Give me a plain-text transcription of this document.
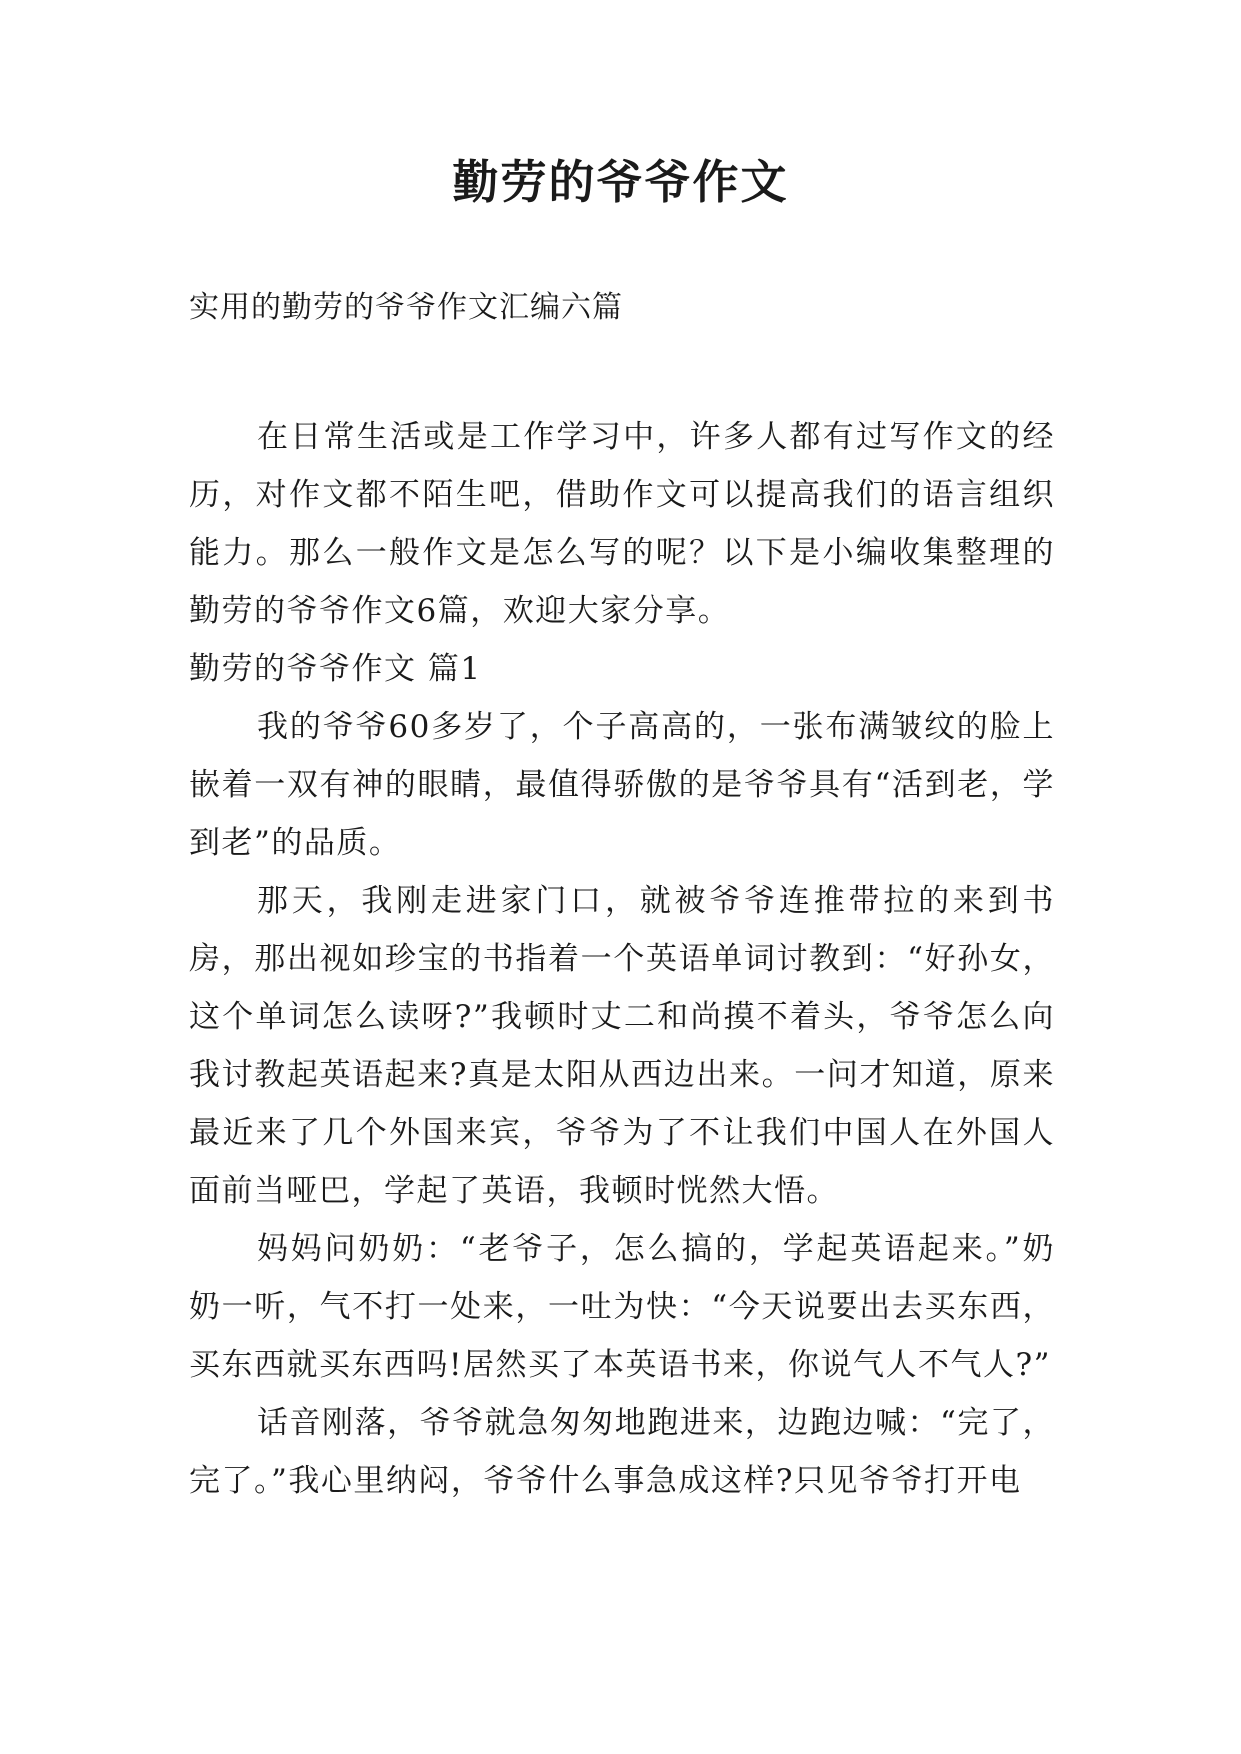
勤劳的爷爷作文

实用的勤劳的爷爷作文汇编六篇

在日常生活或是工作学习中，许多人都有过写作文的经历，对作文都不陌生吧，借助作文可以提高我们的语言组织能力。那么一般作文是怎么写的呢？以下是小编收集整理的勤劳的爷爷作文6篇，欢迎大家分享。

勤劳的爷爷作文 篇1

我的爷爷60多岁了，个子高高的，一张布满皱纹的脸上嵌着一双有神的眼睛，最值得骄傲的是爷爷具有“活到老，学到老”的品质。

那天，我刚走进家门口，就被爷爷连推带拉的来到书房，那出视如珍宝的书指着一个英语单词讨教到：“好孙女，这个单词怎么读呀?”我顿时丈二和尚摸不着头，爷爷怎么向我讨教起英语起来?真是太阳从西边出来。一问才知道，原来最近来了几个外国来宾，爷爷为了不让我们中国人在外国人面前当哑巴，学起了英语，我顿时恍然大悟。

妈妈问奶奶：“老爷子，怎么搞的，学起英语起来。”奶奶一听，气不打一处来，一吐为快：“今天说要出去买东西，买东西就买东西吗!居然买了本英语书来，你说气人不气人?”

话音刚落，爷爷就急匆匆地跑进来，边跑边喊：“完了，完了。”我心里纳闷，爷爷什么事急成这样?只见爷爷打开电
